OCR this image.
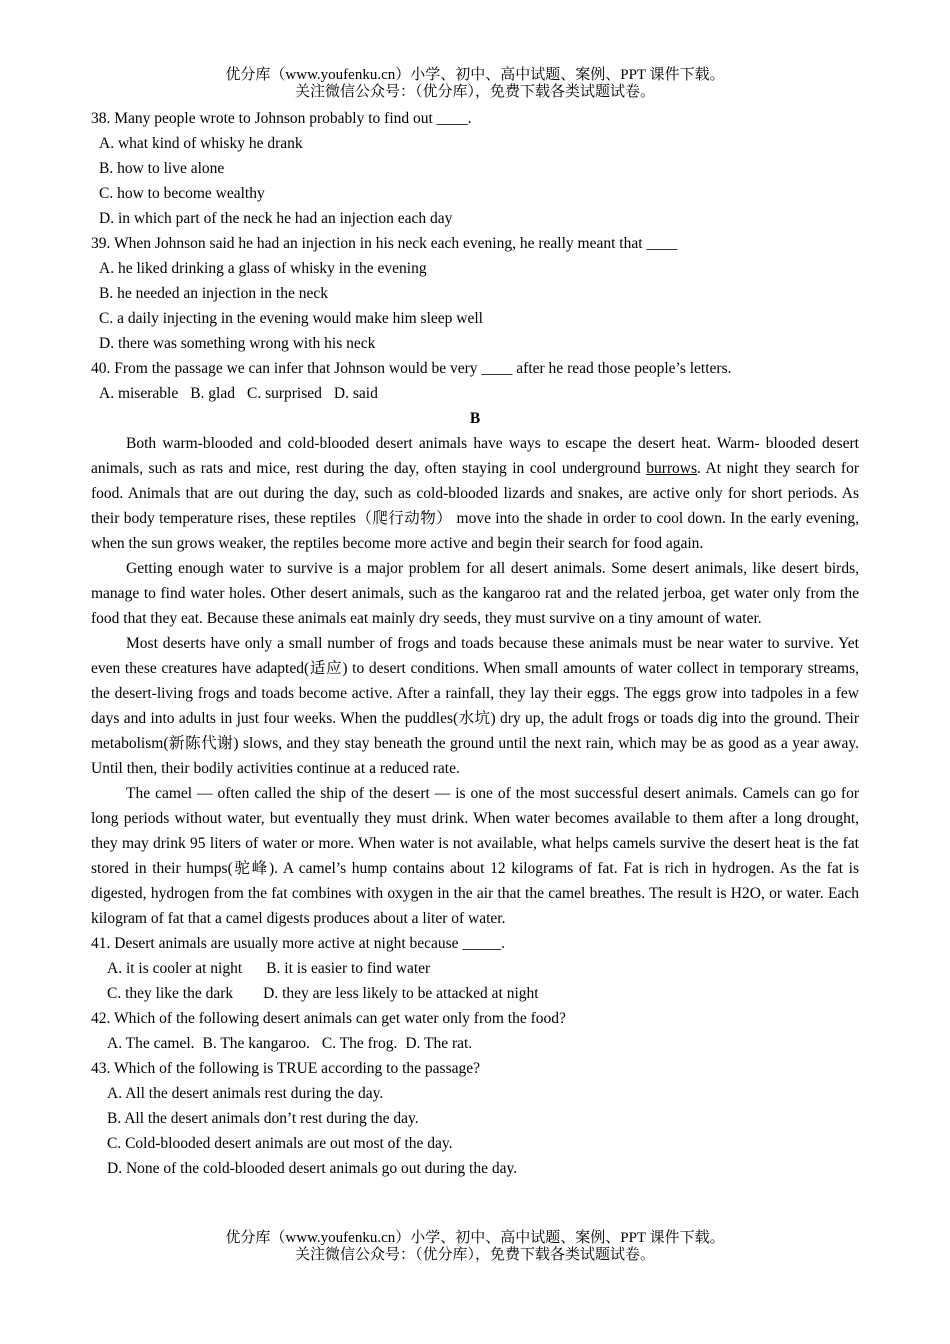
优分库（www.youfenku.cn）小学、初中、高中试题、案例、PPT 课件下载。
关注微信公众号：（优分库），免费下载各类试题试卷。
38. Many people wrote to Johnson probably to find out ____.
A. what kind of whisky he drank
B. how to live alone
C. how to become wealthy
D. in which part of the neck he had an injection each day
39. When Johnson said he had an injection in his neck each evening, he really meant that ____
A. he liked drinking a glass of whisky in the evening
B. he needed an injection in the neck
C. a daily injecting in the evening would make him sleep well
D. there was something wrong with his neck
40. From the passage we can infer that Johnson would be very ____ after he read those people’s letters.
A. miserable B. glad C. surprised D. said
B

Both warm-blooded and cold-blooded desert animals have ways to escape the desert heat. Warm- blooded desert animals, such as rats and mice, rest during the day, often staying in cool underground burrows. At night they search for food. Animals that are out during the day, such as cold-blooded lizards and snakes, are active only for short periods. As their body temperature rises, these reptiles（爬行动物） move into the shade in order to cool down. In the early evening, when the sun grows weaker, the reptiles become more active and begin their search for food again.

Getting enough water to survive is a major problem for all desert animals. Some desert animals, like desert birds, manage to find water holes. Other desert animals, such as the kangaroo rat and the related jerboa, get water only from the food that they eat. Because these animals eat mainly dry seeds, they must survive on a tiny amount of water.

Most deserts have only a small number of frogs and toads because these animals must be near water to survive. Yet even these creatures have adapted(适应) to desert conditions. When small amounts of water collect in temporary streams, the desert-living frogs and toads become active. After a rainfall, they lay their eggs. The eggs grow into tadpoles in a few days and into adults in just four weeks. When the puddles(水坑) dry up, the adult frogs or toads dig into the ground. Their metabolism(新陈代谢) slows, and they stay beneath the ground until the next rain, which may be as good as a year away. Until then, their bodily activities continue at a reduced rate.

The camel — often called the ship of the desert — is one of the most successful desert animals. Camels can go for long periods without water, but eventually they must drink. When water becomes available to them after a long drought, they may drink 95 liters of water or more. When water is not available, what helps camels survive the desert heat is the fat stored in their humps(驼峰). A camel’s hump contains about 12 kilograms of fat. Fat is rich in hydrogen. As the fat is digested, hydrogen from the fat combines with oxygen in the air that the camel breathes. The result is H2O, or water. Each kilogram of fat that a camel digests produces about a liter of water.

41. Desert animals are usually more active at night because _____.
A. it is cooler at night B. it is easier to find water
C. they like the dark D. they are less likely to be attacked at night
42. Which of the following desert animals can get water only from the food?
A. The camel. B. The kangaroo. C. The frog. D. The rat.
43. Which of the following is TRUE according to the passage?
A. All the desert animals rest during the day.
B. All the desert animals don’t rest during the day.
C. Cold-blooded desert animals are out most of the day.
D. None of the cold-blooded desert animals go out during the day.
优分库（www.youfenku.cn）小学、初中、高中试题、案例、PPT 课件下载。
关注微信公众号：（优分库），免费下载各类试题试卷。
